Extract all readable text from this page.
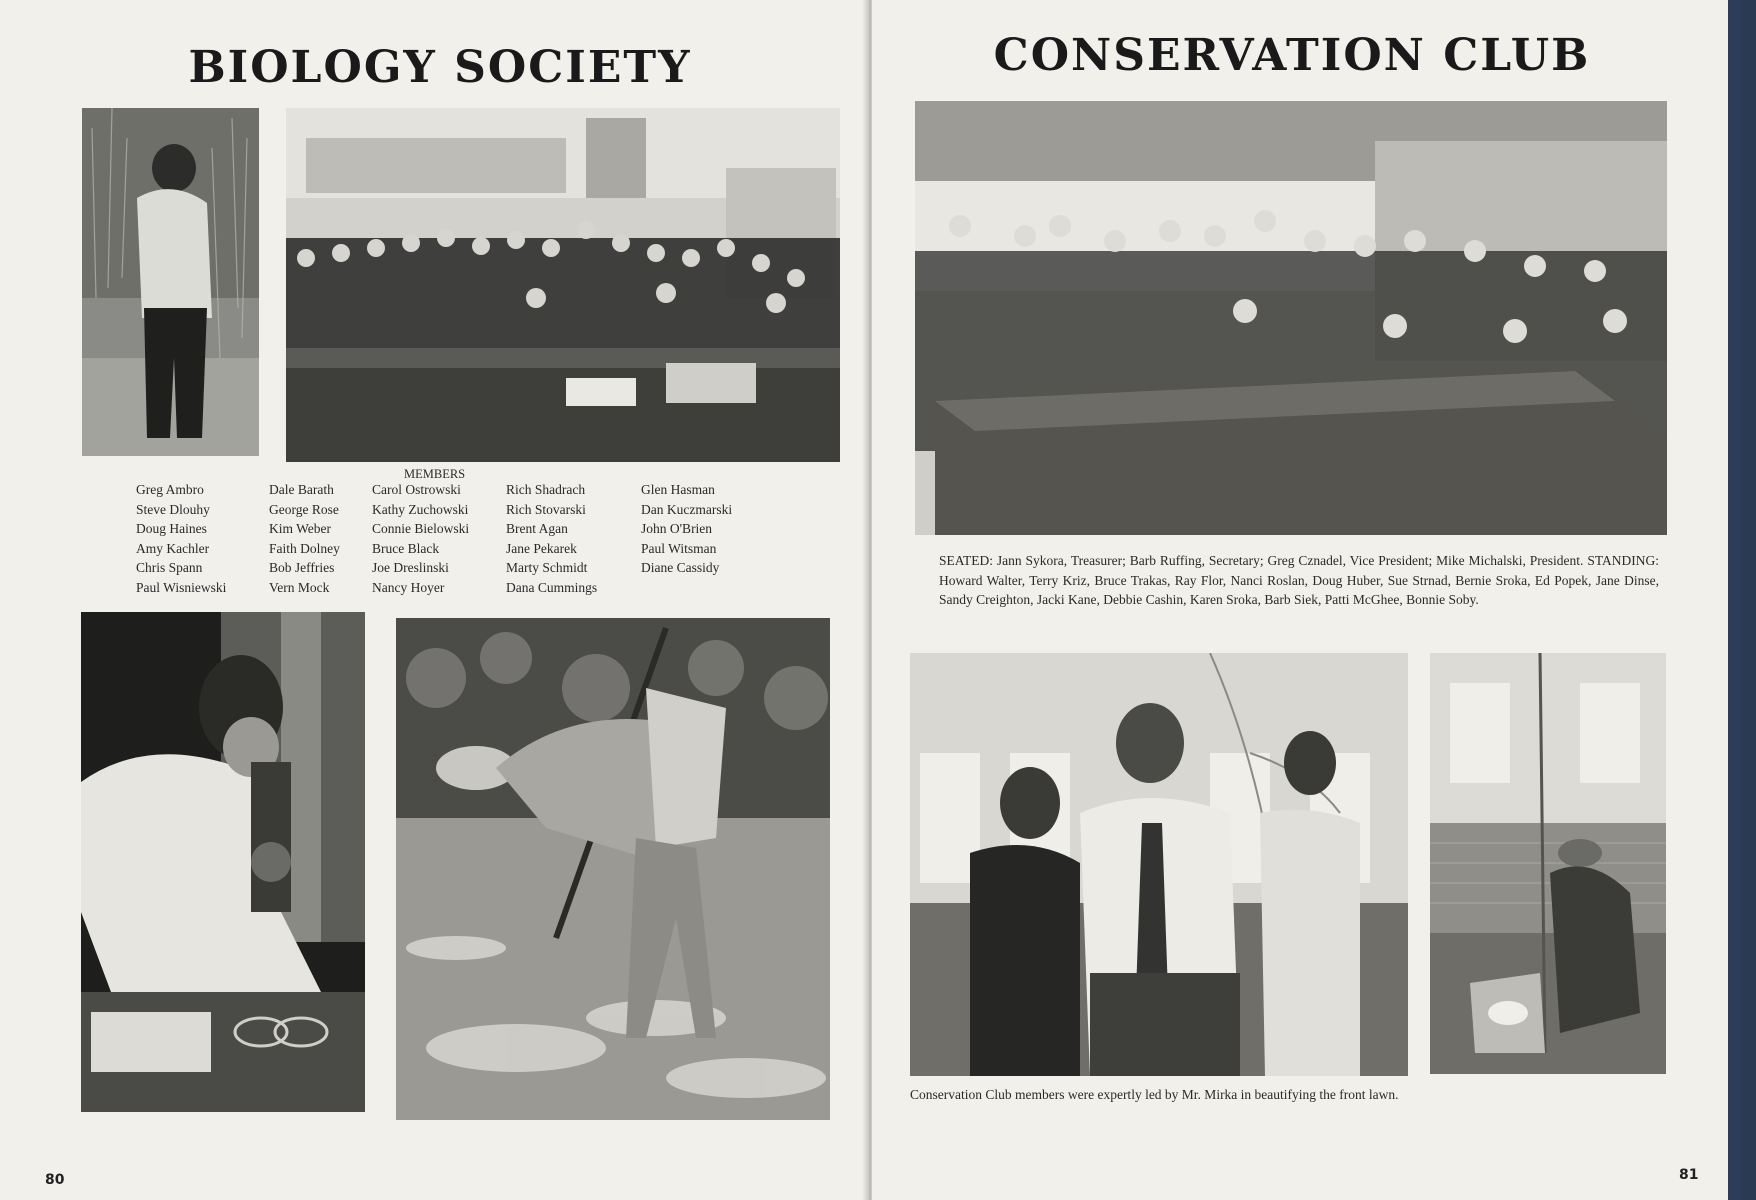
BIOLOGY SOCIETY
MEMBERS
Greg Ambro
Steve Dlouhy
Doug Haines
Amy Kachler
Chris Spann
Paul Wisniewski
Dale Barath
George Rose
Kim Weber
Faith Dolney
Bob Jeffries
Vern Mock
Carol Ostrowski
Kathy Zuchowski
Connie Bielowski
Bruce Black
Joe Dreslinski
Nancy Hoyer
Rich Shadrach
Rich Stovarski
Brent Agan
Jane Pekarek
Marty Schmidt
Dana Cummings
Glen Hasman
Dan Kuczmarski
John O'Brien
Paul Witsman
Diane Cassidy
80
CONSERVATION CLUB

SEATED: Jann Sykora, Treasurer; Barb Ruffing, Secretary; Greg Cznadel, Vice President; Mike Michalski, President. STANDING: Howard Walter, Terry Kriz, Bruce Trakas, Ray Flor, Nanci Roslan, Doug Huber, Sue Strnad, Bernie Sroka, Ed Popek, Jane Dinse, Sandy Creighton, Jacki Kane, Debbie Cashin, Karen Sroka, Barb Siek, Patti McGhee, Bonnie Soby.

Conservation Club members were expertly led by Mr. Mirka in beautifying the front lawn.

81
